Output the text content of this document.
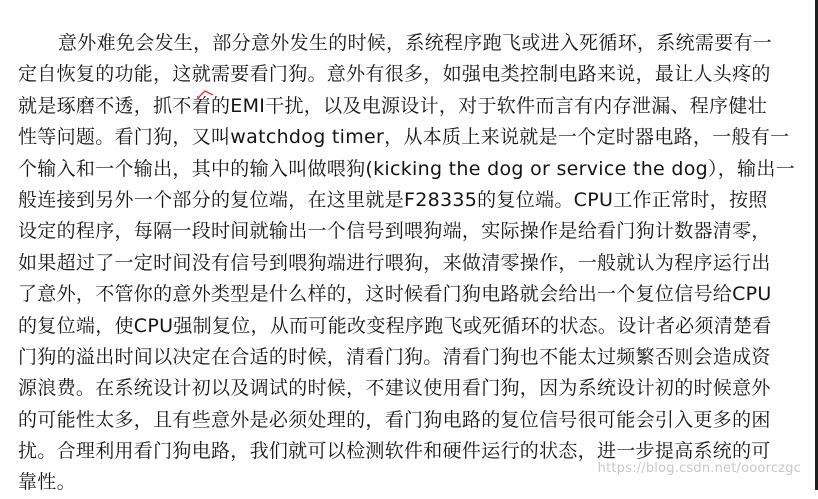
意外难免会发生，部分意外发生的时候，系统程序跑飞或进入死循环，系统需要有一
定自恢复的功能，这就需要看门狗。意外有很多，如强电类控制电路来说，最让人头疼的
就是琢磨不透，抓不着的EMI干扰，以及电源设计，对于软件而言有内存泄漏、程序健壮
性等问题。看门狗，又叫watchdog timer，从本质上来说就是一个定时器电路，一般有一
个输入和一个输出，其中的输入叫做喂狗(kicking the dog or service the dog），输出一
般连接到另外一个部分的复位端，在这里就是F28335的复位端。CPU工作正常时，按照
设定的程序，每隔一段时间就输出一个信号到喂狗端，实际操作是给看门狗计数器清零，
如果超过了一定时间没有信号到喂狗端进行喂狗，来做清零操作，一般就认为程序运行出
了意外，不管你的意外类型是什么样的，这时候看门狗电路就会给出一个复位信号给CPU
的复位端，使CPU强制复位，从而可能改变程序跑飞或死循环的状态。设计者必须清楚看
门狗的溢出时间以决定在合适的时候，清看门狗。清看门狗也不能太过频繁否则会造成资
源浪费。在系统设计初以及调试的时候，不建议使用看门狗，因为系统设计初的时候意外
的可能性太多，且有些意外是必须处理的，看门狗电路的复位信号很可能会引入更多的困
扰。合理利用看门狗电路，我们就可以检测软件和硬件运行的状态，进一步提高系统的可
靠性。
https://blog.csdn.net/ooorczgc
